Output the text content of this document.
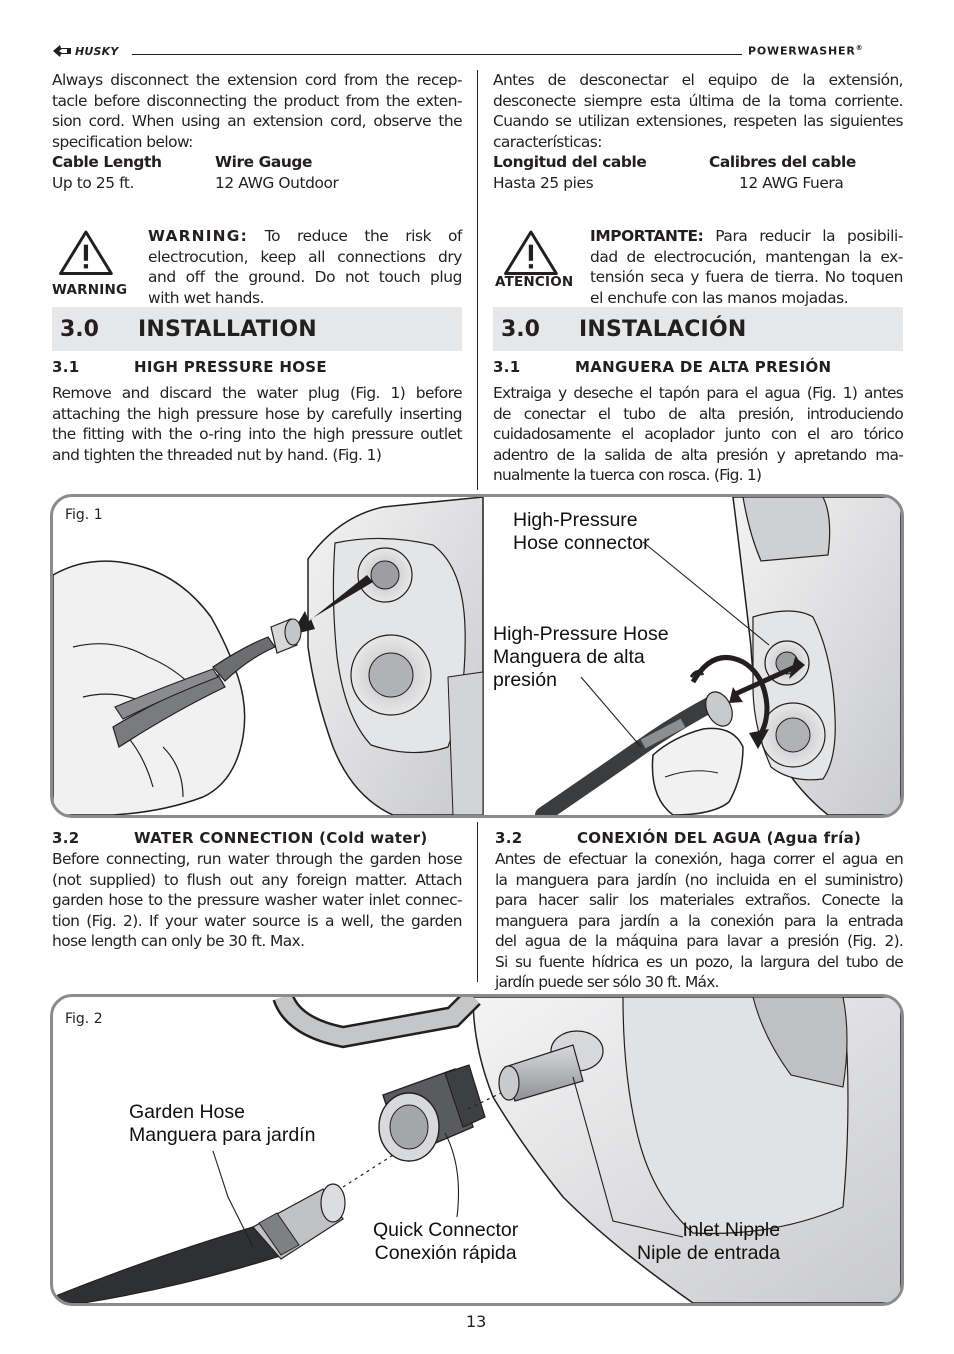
HUSKY	POWERWASHER®

Always disconnect the extension cord from the recep-
tacle before disconnecting the product from the exten-
sion cord. When using an extension cord, observe the
specification below:

Cable Length	Wire Gauge
Up to 25 ft.	12 AWG Outdoor

Antes de desconectar el equipo de la extensión,
desconecte siempre esta última de la toma corriente.
Cuando se utilizan extensiones, respeten las siguientes
características:

Longitud del cable	Calibres del cable
Hasta 25 pies	12 AWG Fuera
WARNING
WARNING: To reduce the risk of
electrocution, keep all connections dry
and off the ground. Do not touch plug
with wet hands.
ATENCIÓN
IMPORTANTE: Para reducir la posibili-
dad de electrocución, mantengan la ex-
tensión seca y fuera de tierra. No toquen
el enchufe con las manos mojadas.
3.0	INSTALLATION	3.0	INSTALACIÓN
3.1	HIGH PRESSURE HOSE	3.1	MANGUERA DE ALTA PRESIÓN

Remove and discard the water plug (Fig. 1) before
attaching the high pressure hose by carefully inserting
the fitting with the o-ring into the high pressure outlet
and tighten the threaded nut by hand. (Fig. 1)

Extraiga y deseche el tapón para el agua (Fig. 1) antes
de conectar el tubo de alta presión, introduciendo
cuidadosamente el acoplador junto con el aro tórico
adentro de la salida de alta presión y apretando ma-
nualmente la tuerca con rosca. (Fig. 1)

Fig. 1	High-Pressure
Hose connector
High-Pressure Hose
Manguera de alta
presión
3.2	WATER CONNECTION (Cold water)	3.2	CONEXIÓN DEL AGUA (Agua fría)

Before connecting, run water through the garden hose
(not supplied) to flush out any foreign matter. Attach
garden hose to the pressure washer water inlet connec-
tion (Fig. 2). If your water source is a well, the garden
hose length can only be 30 ft. Max.

Antes de efectuar la conexión, haga correr el agua en
la manguera para jardín (no incluida en el suministro)
para hacer salir los materiales extraños. Conecte la
manguera para jardín a la conexión para la entrada
del agua de la máquina para lavar a presión (Fig. 2).
Si su fuente hídrica es un pozo, la largura del tubo de
jardín puede ser sólo 30 ft. Máx.

Fig. 2
Garden Hose
Manguera para jardín
Quick Connector
Conexión rápida
Inlet Nipple
Niple de entrada
13
